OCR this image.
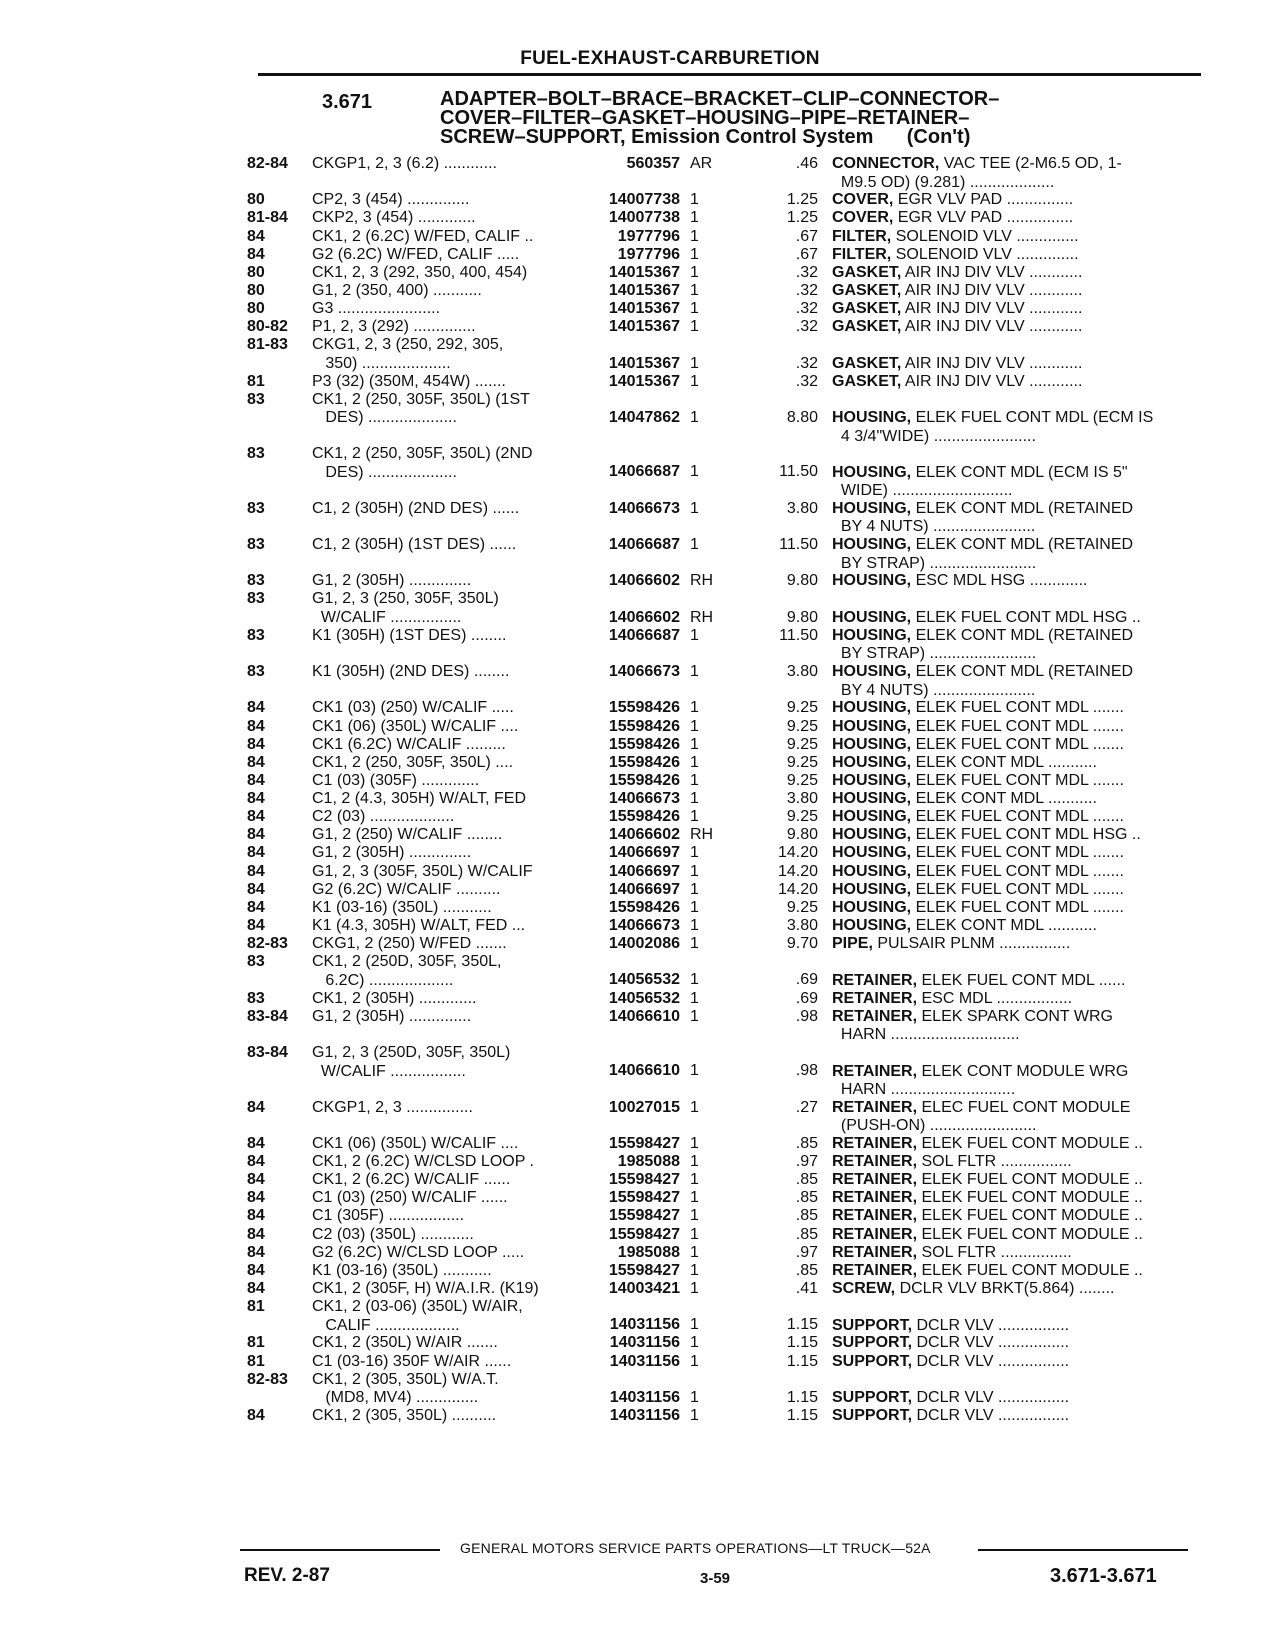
FUEL-EXHAUST-CARBURETION
3.671	ADAPTER–BOLT–BRACE–BRACKET–CLIP–CONNECTOR–
COVER–FILTER–GASKET–HOUSING–PIPE–RETAINER–
SCREW–SUPPORT, Emission Control System      (Con't)
82-84	CKGP1, 2, 3 (6.2) ............	560357 AR	.46 CONNECTOR, VAC TEE (2-M6.5 OD, 1-
M9.5 OD) (9.281) ...................
80	CP2, 3 (454) ..............	14007738 1	1.25 COVER, EGR VLV PAD ...............
81-84	CKP2, 3 (454) .............	14007738 1	1.25 COVER, EGR VLV PAD ...............
84	CK1, 2 (6.2C) W/FED, CALIF ..	1977796 1	.67 FILTER, SOLENOID VLV ..............
84	G2 (6.2C) W/FED, CALIF .....	1977796 1	.67 FILTER, SOLENOID VLV ..............
80	CK1, 2, 3 (292, 350, 400, 454)	14015367 1	.32 GASKET, AIR INJ DIV VLV ............
80	G1, 2 (350, 400) ...........	14015367 1	.32 GASKET, AIR INJ DIV VLV ............
80	G3 .......................	14015367 1	.32 GASKET, AIR INJ DIV VLV ............
80-82	P1, 2, 3 (292) ..............	14015367 1	.32 GASKET, AIR INJ DIV VLV ............
81-83	CKG1, 2, 3 (250, 292, 305,
350) ....................	14015367 1	.32 GASKET, AIR INJ DIV VLV ............
81	P3 (32) (350M, 454W) .......	14015367 1	.32 GASKET, AIR INJ DIV VLV ............
83	CK1, 2 (250, 305F, 350L) (1ST
DES) ....................	14047862 1	8.80 HOUSING, ELEK FUEL CONT MDL (ECM IS
4 3/4"WIDE) .......................
83	CK1, 2 (250, 305F, 350L) (2ND
DES) ....................	14066687 1	11.50 HOUSING, ELEK CONT MDL (ECM IS 5"
WIDE) ...........................
83	C1, 2 (305H) (2ND DES) ......	14066673 1	3.80 HOUSING, ELEK CONT MDL (RETAINED
BY 4 NUTS) .......................
83	C1, 2 (305H) (1ST DES) ......	14066687 1	11.50 HOUSING, ELEK CONT MDL (RETAINED
BY STRAP) ........................
83	G1, 2 (305H) ..............	14066602 RH	9.80 HOUSING, ESC MDL HSG .............
83	G1, 2, 3 (250, 305F, 350L)
W/CALIF ................	14066602 RH	9.80 HOUSING, ELEK FUEL CONT MDL HSG ..
83	K1 (305H) (1ST DES) ........	14066687 1	11.50 HOUSING, ELEK CONT MDL (RETAINED
BY STRAP) ........................
83	K1 (305H) (2ND DES) ........	14066673 1	3.80 HOUSING, ELEK CONT MDL (RETAINED
BY 4 NUTS) .......................
84	CK1 (03) (250) W/CALIF .....	15598426 1	9.25 HOUSING, ELEK FUEL CONT MDL .......
84	CK1 (06) (350L) W/CALIF ....	15598426 1	9.25 HOUSING, ELEK FUEL CONT MDL .......
84	CK1 (6.2C) W/CALIF .........	15598426 1	9.25 HOUSING, ELEK FUEL CONT MDL .......
84	CK1, 2 (250, 305F, 350L) ....	15598426 1	9.25 HOUSING, ELEK CONT MDL ...........
84	C1 (03) (305F) .............	15598426 1	9.25 HOUSING, ELEK FUEL CONT MDL .......
84	C1, 2 (4.3, 305H) W/ALT, FED	14066673 1	3.80 HOUSING, ELEK CONT MDL ...........
84	C2 (03) ...................	15598426 1	9.25 HOUSING, ELEK FUEL CONT MDL .......
84	G1, 2 (250) W/CALIF ........	14066602 RH	9.80 HOUSING, ELEK FUEL CONT MDL HSG ..
84	G1, 2 (305H) ..............	14066697 1	14.20 HOUSING, ELEK FUEL CONT MDL .......
84	G1, 2, 3 (305F, 350L) W/CALIF	14066697 1	14.20 HOUSING, ELEK FUEL CONT MDL .......
84	G2 (6.2C) W/CALIF ..........	14066697 1	14.20 HOUSING, ELEK FUEL CONT MDL .......
84	K1 (03-16) (350L) ...........	15598426 1	9.25 HOUSING, ELEK FUEL CONT MDL .......
84	K1 (4.3, 305H) W/ALT, FED ...	14066673 1	3.80 HOUSING, ELEK CONT MDL ...........
82-83	CKG1, 2 (250) W/FED .......	14002086 1	9.70 PIPE, PULSAIR PLNM ................
83	CK1, 2 (250D, 305F, 350L,
6.2C) ...................	14056532 1	.69 RETAINER, ELEK FUEL CONT MDL ......
83	CK1, 2 (305H) .............	14056532 1	.69 RETAINER, ESC MDL .................
83-84	G1, 2 (305H) ..............	14066610 1	.98 RETAINER, ELEK SPARK CONT WRG
HARN .............................
83-84	G1, 2, 3 (250D, 305F, 350L)
W/CALIF .................	14066610 1	.98 RETAINER, ELEK CONT MODULE WRG
HARN ............................
84	CKGP1, 2, 3 ...............	10027015 1	.27 RETAINER, ELEC FUEL CONT MODULE
(PUSH-ON) ........................
84	CK1 (06) (350L) W/CALIF ....	15598427 1	.85 RETAINER, ELEK FUEL CONT MODULE ..
84	CK1, 2 (6.2C) W/CLSD LOOP .	1985088 1	.97 RETAINER, SOL FLTR ................
84	CK1, 2 (6.2C) W/CALIF ......	15598427 1	.85 RETAINER, ELEK FUEL CONT MODULE ..
84	C1 (03) (250) W/CALIF ......	15598427 1	.85 RETAINER, ELEK FUEL CONT MODULE ..
84	C1 (305F) .................	15598427 1	.85 RETAINER, ELEK FUEL CONT MODULE ..
84	C2 (03) (350L) ............	15598427 1	.85 RETAINER, ELEK FUEL CONT MODULE ..
84	G2 (6.2C) W/CLSD LOOP .....	1985088 1	.97 RETAINER, SOL FLTR ................
84	K1 (03-16) (350L) ...........	15598427 1	.85 RETAINER, ELEK FUEL CONT MODULE ..
84	CK1, 2 (305F, H) W/A.I.R. (K19)	14003421 1	.41 SCREW, DCLR VLV BRKT(5.864) ........
81	CK1, 2 (03-06) (350L) W/AIR,
CALIF ...................	14031156 1	1.15 SUPPORT, DCLR VLV ................
81	CK1, 2 (350L) W/AIR .......	14031156 1	1.15 SUPPORT, DCLR VLV ................
81	C1 (03-16) 350F W/AIR ......	14031156 1	1.15 SUPPORT, DCLR VLV ................
82-83	CK1, 2 (305, 350L) W/A.T.
(MD8, MV4) ..............	14031156 1	1.15 SUPPORT, DCLR VLV ................
84	CK1, 2 (305, 350L) ..........	14031156 1	1.15 SUPPORT, DCLR VLV ................
GENERAL MOTORS SERVICE PARTS OPERATIONS—LT TRUCK—52A
REV. 2-87	3-59	3.671-3.671
